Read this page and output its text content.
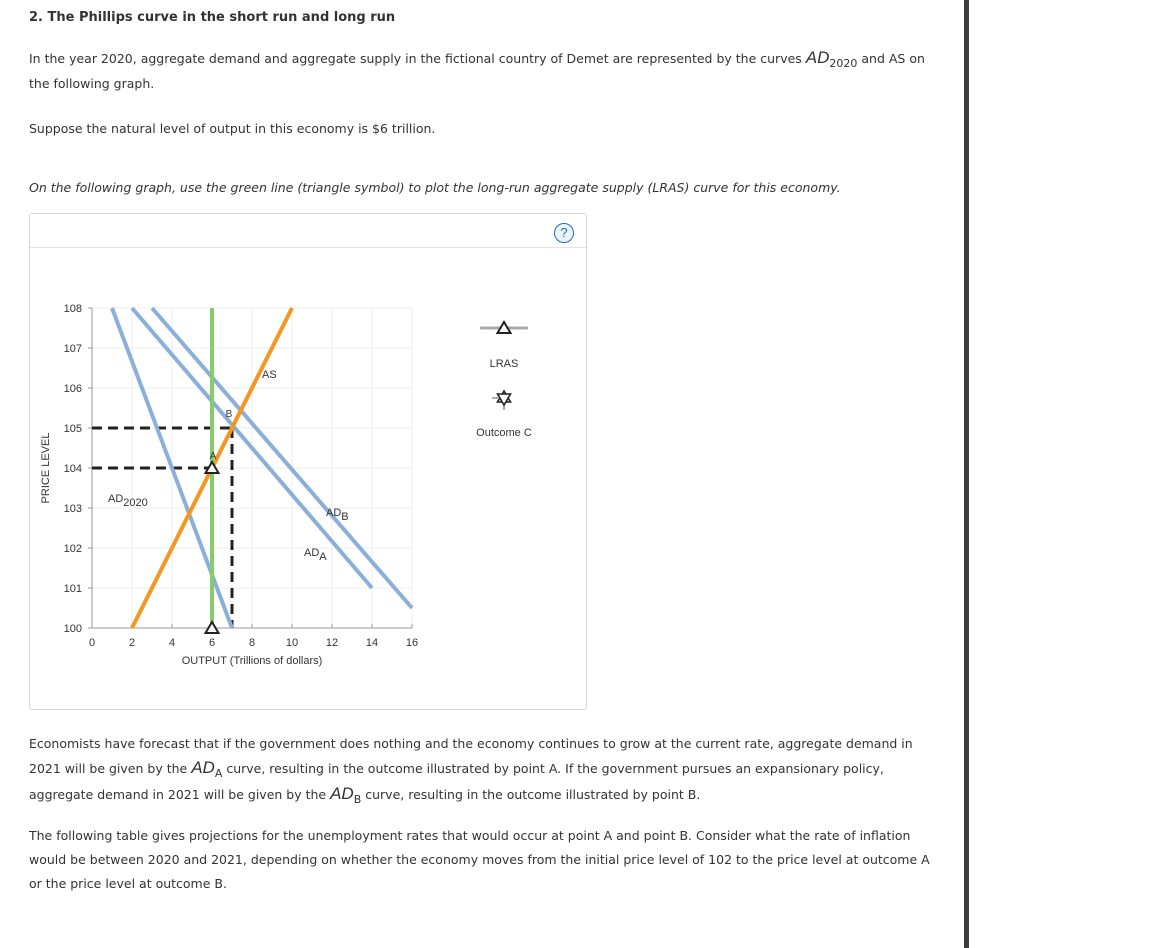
2. The Phillips curve in the short run and long run

In the year 2020, aggregate demand and aggregate supply in the fictional country of Demet are represented by the curves AD2020 and AS on the following graph.

Suppose the natural level of output in this economy is $6 trillion.

On the following graph, use the green line (triangle symbol) to plot the long-run aggregate supply (LRAS) curve for this economy.

?
100
101
102
103
104
105
106
107
108
0	2	4	6	8	10	12	14	16
OUTPUT (Trillions of dollars)
PRICE LEVEL	AD2020
ADA
ADB
AS
A
B
LRAS
Outcome C

Economists have forecast that if the government does nothing and the economy continues to grow at the current rate, aggregate demand in 2021 will be given by the ADA curve, resulting in the outcome illustrated by point A. If the government pursues an expansionary policy, aggregate demand in 2021 will be given by the ADB curve, resulting in the outcome illustrated by point B.

The following table gives projections for the unemployment rates that would occur at point A and point B. Consider what the rate of inflation would be between 2020 and 2021, depending on whether the economy moves from the initial price level of 102 to the price level at outcome A or the price level at outcome B.
